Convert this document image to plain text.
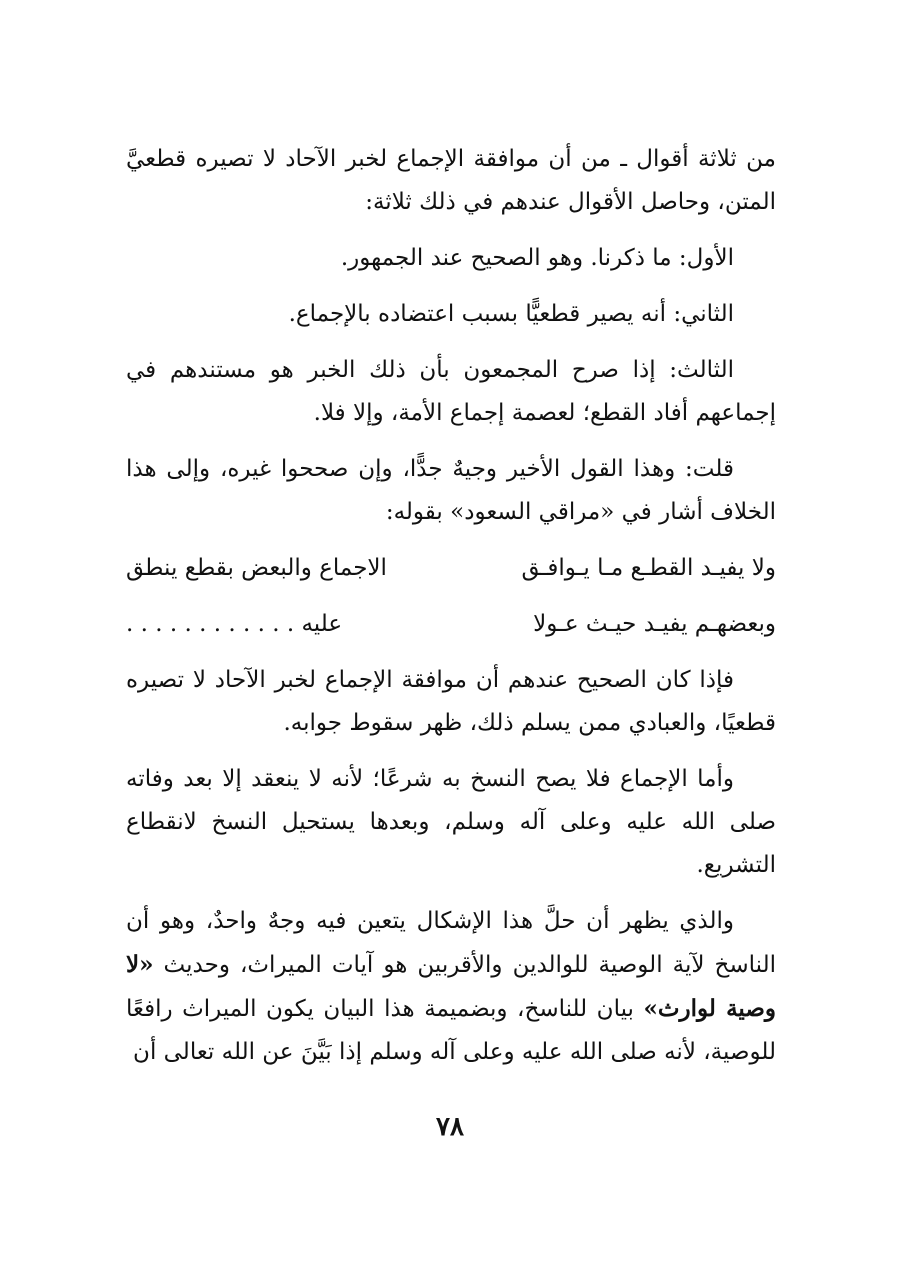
من ثلاثة أقوال ـ من أن موافقة الإجماع لخبر الآحاد لا تصيره قطعيَّ المتن، وحاصل الأقوال عندهم في ذلك ثلاثة:

الأول: ما ذكرنا. وهو الصحيح عند الجمهور.

الثاني: أنه يصير قطعيًّا بسبب اعتضاده بالإجماع.

الثالث: إذا صرح المجمعون بأن ذلك الخبر هو مستندهم في إجماعهم أفاد القطع؛ لعصمة إجماع الأمة، وإلا فلا.

قلت: وهذا القول الأخير وجيهٌ جدًّا، وإن صححوا غيره، وإلى هذا الخلاف أشار في «مراقي السعود» بقوله:

ولا يفيـد القطـع مـا يـوافـق
الاجماع والبعض بقطع ينطق
وبعضهـم يفيـد حيـث عـولا
عليه . . . . . . . . . . . .

فإذا كان الصحيح عندهم أن موافقة الإجماع لخبر الآحاد لا تصيره قطعيًا، والعبادي ممن يسلم ذلك، ظهر سقوط جوابه.

وأما الإجماع فلا يصح النسخ به شرعًا؛ لأنه لا ينعقد إلا بعد وفاته صلى الله عليه وعلى آله وسلم، وبعدها يستحيل النسخ لانقطاع التشريع.

والذي يظهر أن حلَّ هذا الإشكال يتعين فيه وجهٌ واحدٌ، وهو أن الناسخ لآية الوصية للوالدين والأقربين هو آيات الميراث، وحديث «لا وصية لوارث» بيان للناسخ، وبضميمة هذا البيان يكون الميراث رافعًا للوصية، لأنه صلى الله عليه وعلى آله وسلم إذا بَيَّنَ عن الله تعالى أن

٧٨
